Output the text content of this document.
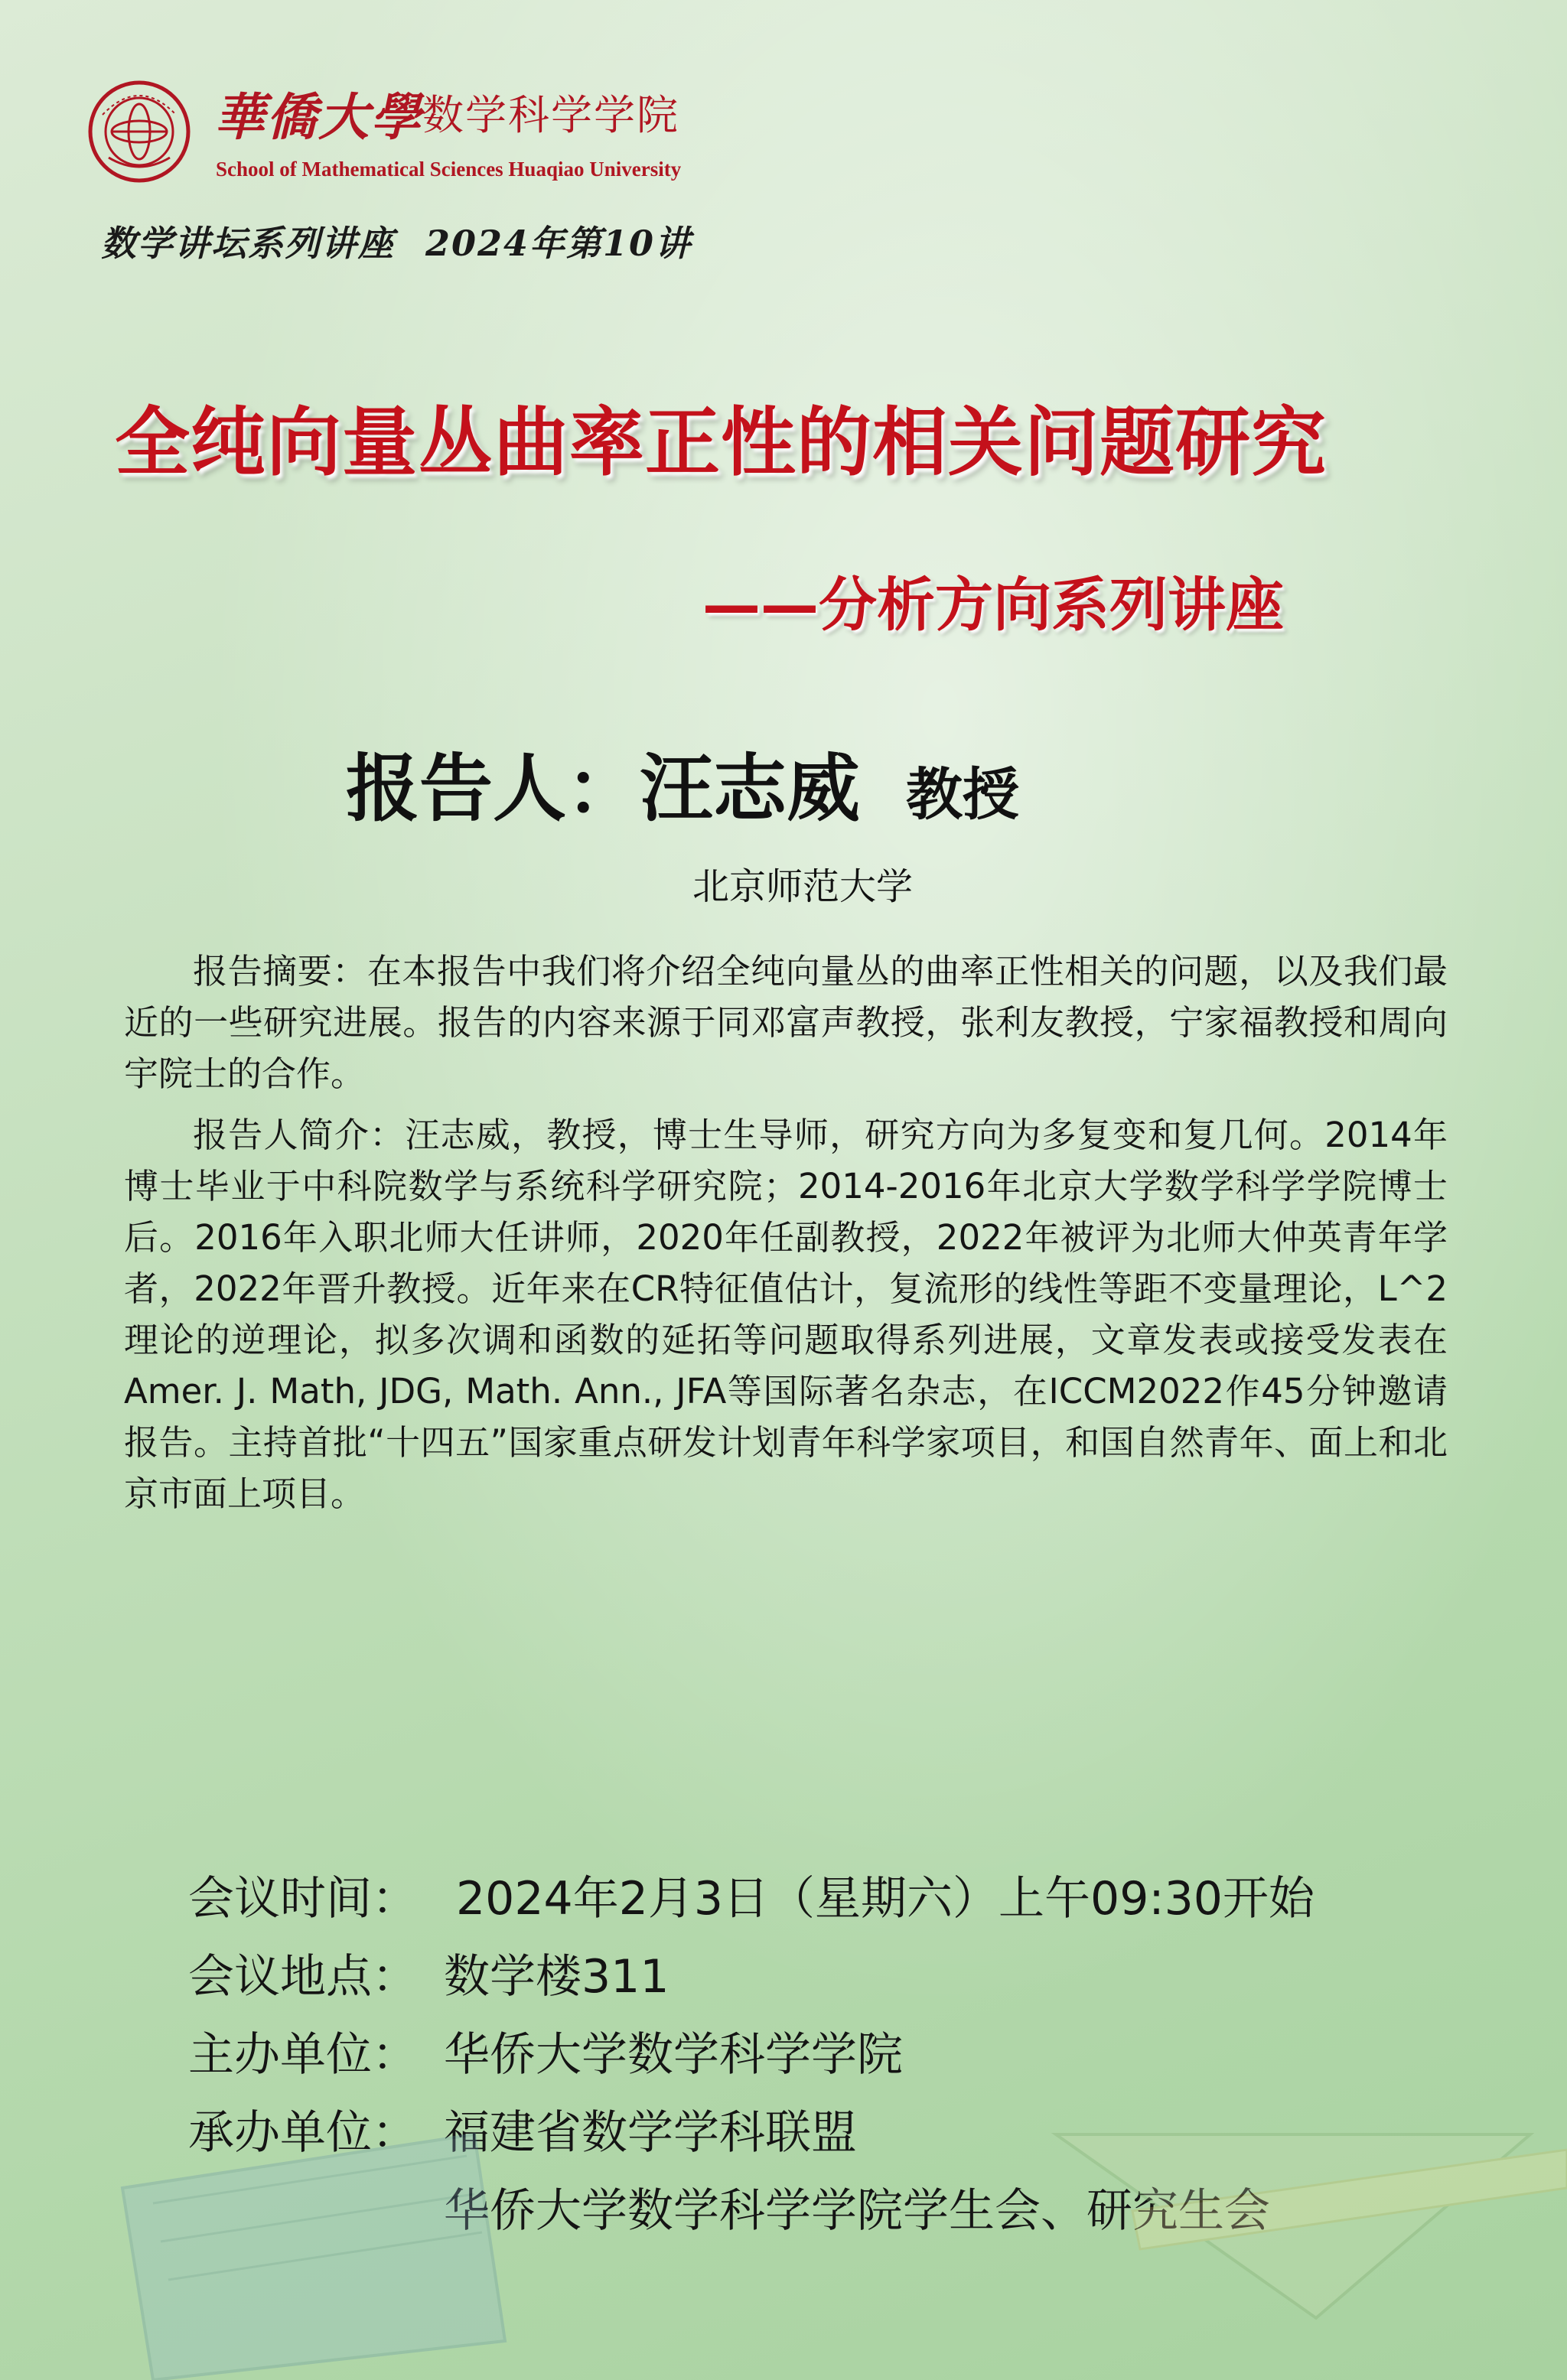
華僑大學 数学科学学院
School of Mathematical Sciences Huaqiao University
数学讲坛系列讲座 2024年第10讲
全纯向量丛曲率正性的相关问题研究
——分析方向系列讲座
报告人：汪志威 教授
北京师范大学

报告摘要：在本报告中我们将介绍全纯向量丛的曲率正性相关的问题，以及我们最近的一些研究进展。报告的内容来源于同邓富声教授，张利友教授，宁家福教授和周向宇院士的合作。

报告人简介：汪志威，教授，博士生导师，研究方向为多复变和复几何。2014年博士毕业于中科院数学与系统科学研究院；2014-2016年北京大学数学科学学院博士后。2016年入职北师大任讲师，2020年任副教授，2022年被评为北师大仲英青年学者，2022年晋升教授。近年来在CR特征值估计，复流形的线性等距不变量理论，L^2理论的逆理论，拟多次调和函数的延拓等问题取得系列进展，文章发表或接受发表在Amer. J. Math, JDG, Math. Ann., JFA等国际著名杂志，在ICCM2022作45分钟邀请报告。主持首批“十四五”国家重点研发计划青年科学家项目，和国自然青年、面上和北京市面上项目。

会议时间： 2024年2月3日（星期六）上午09:30开始
会议地点： 数学楼311
主办单位： 华侨大学数学科学学院
承办单位： 福建省数学学科联盟
华侨大学数学科学学院学生会、研究生会
